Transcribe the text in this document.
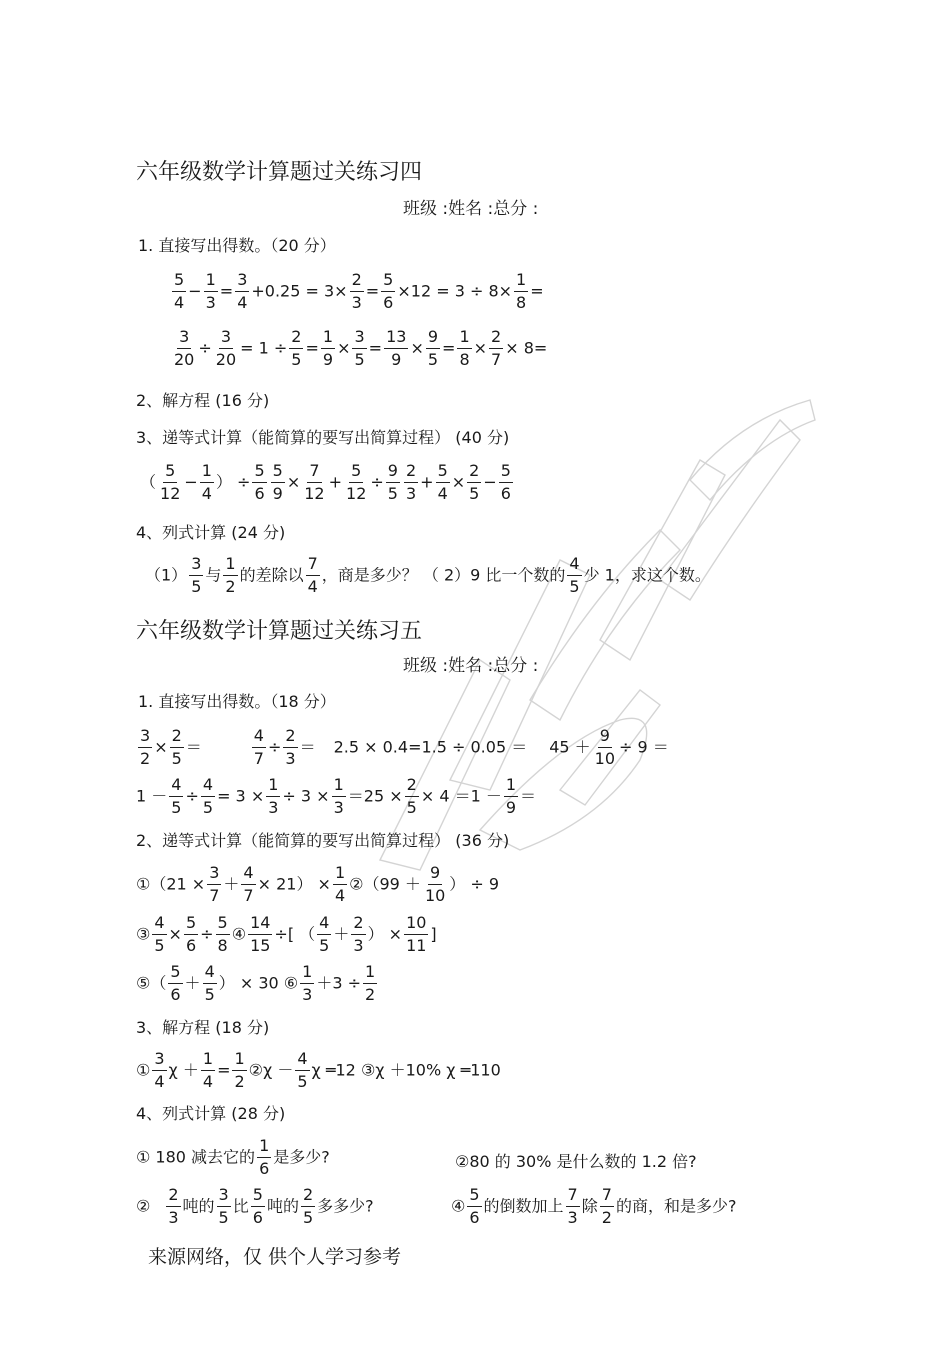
六年级数学计算题过关练习四
班级 :姓名 :总分 :
1. 直接写出得数。（20 分）
$\frac{5}{4} - \frac{1}{3} = \frac{3}{4} +0.25 = 3\times \frac{2}{3} = \frac{5}{6} \times 12 = 3 \div 8\times \frac{1}{8}$ =
$\frac{3}{20} \div \frac{3}{20} = 1 \div \frac{2}{5} = \frac{1}{9} \times \frac{3}{5} = \frac{13}{9} \times \frac{9}{5} = \frac{1}{8} \times \frac{2}{7} \times 8=$
2、解方程 (16 分)
3、递等式计算（能简算的要写出简算过程） (40 分)
（ $\frac{5}{12} - \frac{1}{4}$ ） ÷ $\frac{5}{6} \frac{5}{9} \times \frac{7}{12} + \frac{5}{12} \div \frac{9}{5} \frac{2}{3} + \frac{5}{4} \times \frac{2}{5} - \frac{5}{6}$
4、列式计算 (24 分)
$(1) \frac{3}{5}$ 与 $\frac{1}{2}$ 的差除以 $\frac{7}{4}$ ，商是多少？ （ 2）9 比一个数的 $\frac{4}{5}$ 少 1，求这个数。
六年级数学计算题过关练习五
班级 :姓名 :总分 :
1. 直接写出得数。（18 分）
$\frac{3}{2} \times \frac{2}{5}$ ＝	$\frac{4}{7} \div \frac{2}{3} = 2.5 \times 0.4=1.5 \div 0.05 = 45 + \frac{9}{10} \div 9$ ＝
$1 - \frac{4}{5} \div \frac{4}{5} = 3 \times \frac{1}{3} \div 3 \times \frac{1}{3} =25 \times \frac{2}{5} \times 4 =1 - \frac{1}{9}$ ＝
2、递等式计算（能简算的要写出简算过程） (36 分)
①（21 × $\frac{3}{7} + \frac{4}{7} \times 21) \times \frac{1}{4}$ ②（99 ＋ $\frac{9}{10}$ ） ÷ 9
③ $\frac{4}{5} \times \frac{5}{6} \div \frac{5}{8}$ ④ $\frac{14}{15}$ ÷[ （ $\frac{4}{5} + \frac{2}{3}$ ） × $\frac{10}{11}$ ]
⑤（ $\frac{5}{6} + \frac{4}{5}$ ） × 30 ⑥ $\frac{1}{3} +3 \div \frac{1}{2}$
3、解方程 (18 分)
① $\frac{3}{4}$ $\chi + \frac{1}{4} = \frac{1}{2}$ ②χ － $\frac{4}{5}$ χ ═12 ③χ ＋10% χ ═110
4、列式计算 (28 分)
① 180 减去它的 $\frac{1}{6}$ 是多少?	②80 的 30% 是什么数的 1.2 倍?
② $\frac{2}{3}$ 吨的 $\frac{3}{5}$ 比 $\frac{5}{6}$ 吨的 $\frac{2}{5}$ 多多少?	④ $\frac{5}{6}$ 的倒数加上 $\frac{7}{3}$ 除 $\frac{7}{2}$ 的商，和是多少?
来源网络，仅 供个人学习参考
